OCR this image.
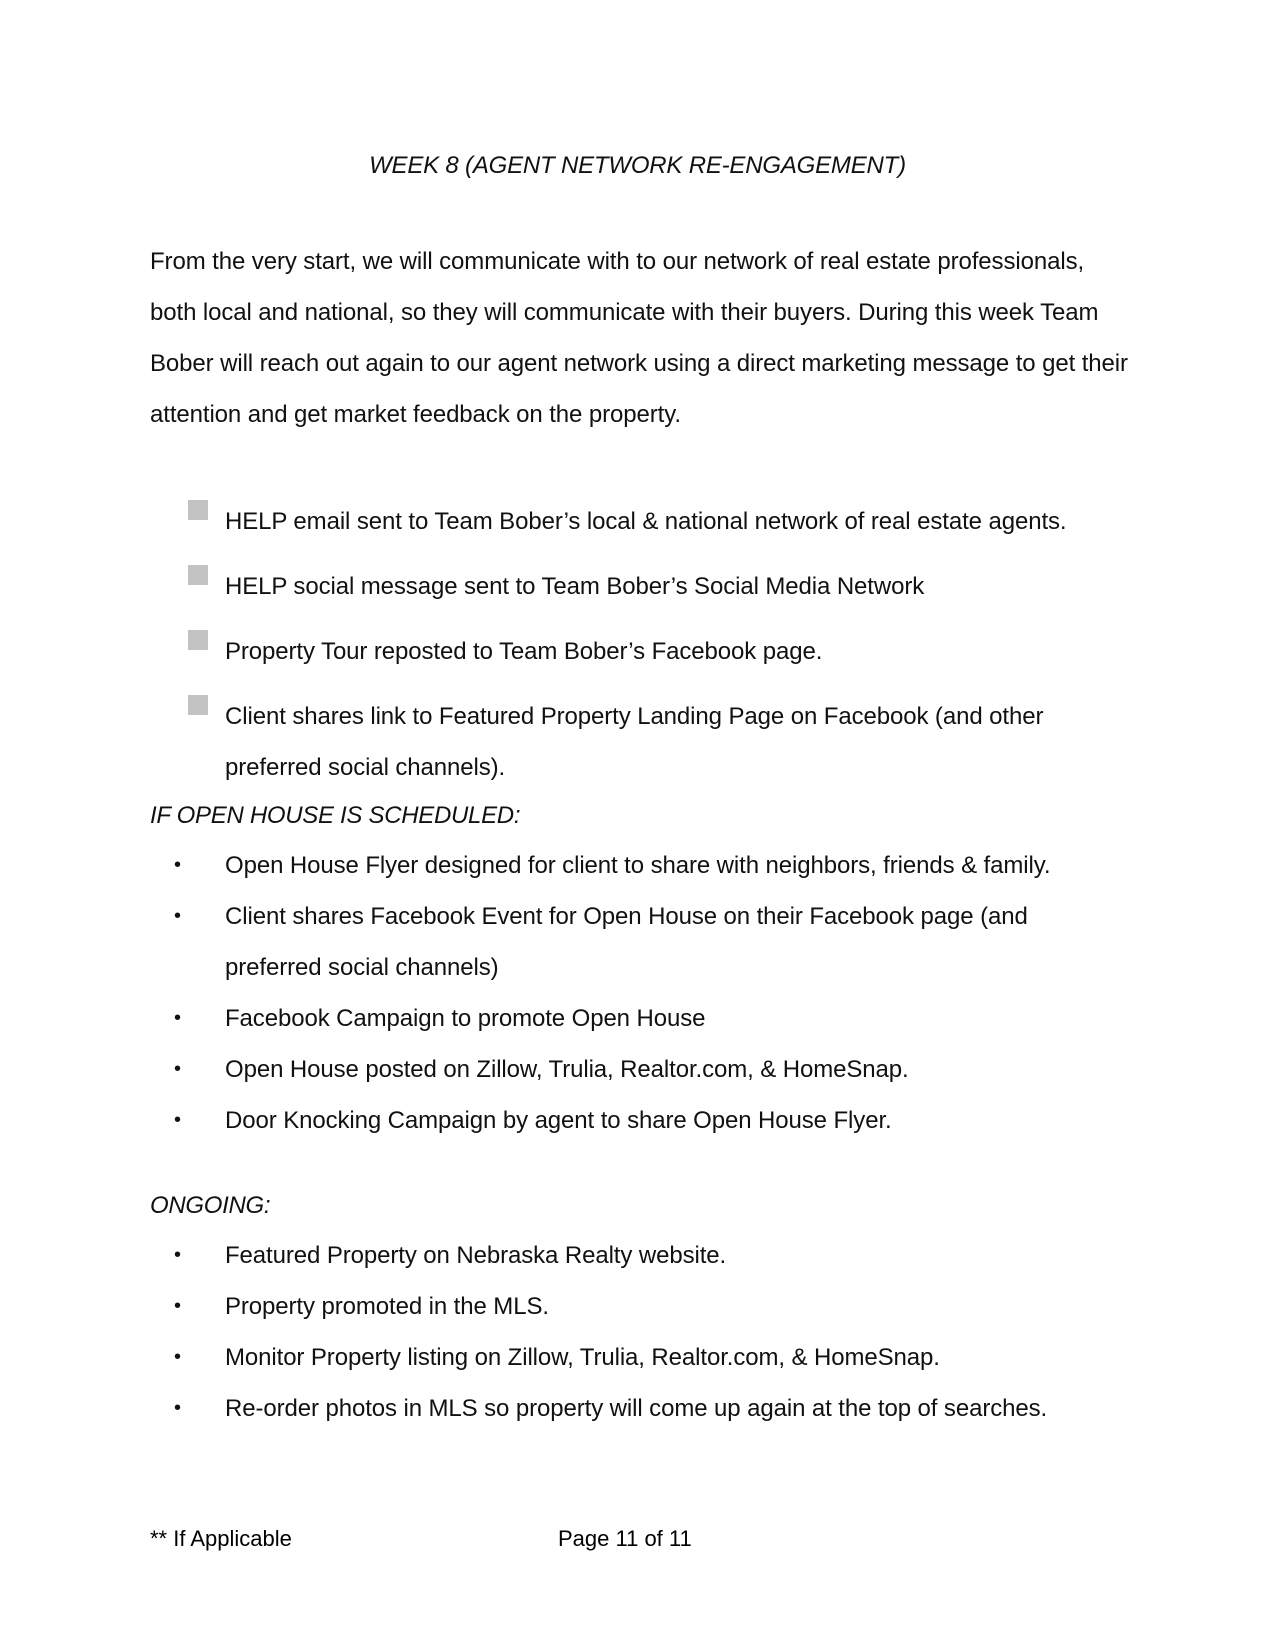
WEEK 8 (AGENT NETWORK RE-ENGAGEMENT)

From the very start, we will communicate with to our network of real estate professionals, both local and national, so they will communicate with their buyers. During this week Team Bober will reach out again to our agent network using a direct marketing message to get their attention and get market feedback on the property.

HELP email sent to Team Bober’s local & national network of real estate agents.
HELP social message sent to Team Bober’s Social Media Network
Property Tour reposted to Team Bober’s Facebook page.
Client shares link to Featured Property Landing Page on Facebook (and other preferred social channels).
IF OPEN HOUSE IS SCHEDULED:
• Open House Flyer designed for client to share with neighbors, friends & family.
• Client shares Facebook Event for Open House on their Facebook page (and preferred social channels)
• Facebook Campaign to promote Open House
• Open House posted on Zillow, Trulia, Realtor.com, & HomeSnap.
• Door Knocking Campaign by agent to share Open House Flyer.
ONGOING:
• Featured Property on Nebraska Realty website.
• Property promoted in the MLS.
• Monitor Property listing on Zillow, Trulia, Realtor.com, & HomeSnap.
• Re-order photos in MLS so property will come up again at the top of searches.
** If Applicable	Page 11 of 11
